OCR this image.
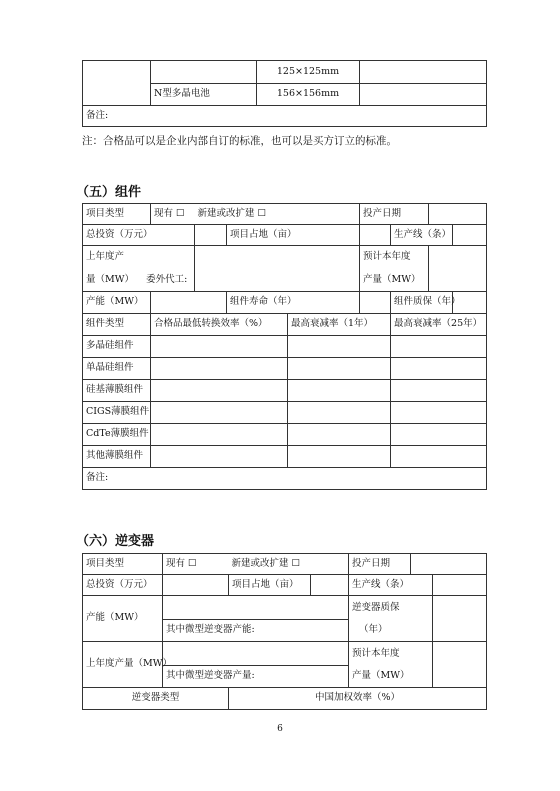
		125×125mm	
	N型多晶电池	156×156mm	
备注:			
注：合格品可以是企业内部自订的标准，也可以是买方订立的标准。
（五）组件
项目类型	现有 ☐	新建或改扩建 ☐			投产日期			
总投资（万元）			项目占地（亩）			生产线（条）		
上年度产					预计本年度			
量（MW） 委外代工:					产量（MW）			
产能（MW）			组件寿命（年）			组件质保（年）		
组件类型	合格品最低转换效率（%）			最高衰减率（1年）		最高衰减率（25年）		
多晶硅组件								
单晶硅组件								
硅基薄膜组件								
CIGS薄膜组件								
CdTe薄膜组件								
其他薄膜组件								
备注:								
（六）逆变器
项目类型	现有 ☐	新建或改扩建 ☐		投产日期		
总投资（万元）		项目占地（亩）		生产线（条）		
产能（MW）				逆变器质保		
	其中微型逆变器产能:			（年）		
上年度产量（MW）				预计本年度		
	其中微型逆变器产量:			产量（MW）		
逆变器类型		中国加权效率（%）				
6
